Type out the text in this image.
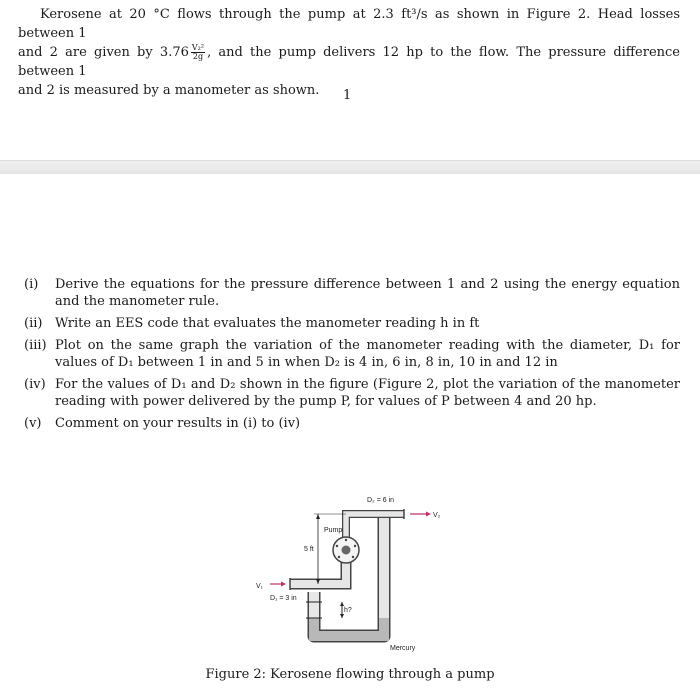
Kerosene at 20 °C flows through the pump at 2.3 ft³/s as shown in Figure 2. Head losses between 1
and 2 are given by $3.76 \frac{\text{V₂²}}{2g}$ , and the pump delivers 12 hp to the flow. The pressure difference between 1
and 2 is measured by a manometer as shown.	1
(i)	Derive the equations for the pressure difference between 1 and 2 using the energy equation and the manometer rule.
(ii) Write an EES code that evaluates the manometer reading h in ft
(iii) Plot on the same graph the variation of the manometer reading with the diameter, D₁ for values of D₁ between 1 in and 5 in when D₂ is 4 in, 6 in, 8 in, 10 in and 12 in
(iv) For the values of D₁ and D₂ shown in the figure (Figure 2, plot the variation of the manometer reading with power delivered by the pump P, for values of P between 4 and 20 hp.
(v)	Comment on your results in (i) to (iv)
D₂ = 6 in
V₂
Pump
5 ft
V₁
D₁ = 3 in
h?
Mercury
Figure 2: Kerosene flowing through a pump
